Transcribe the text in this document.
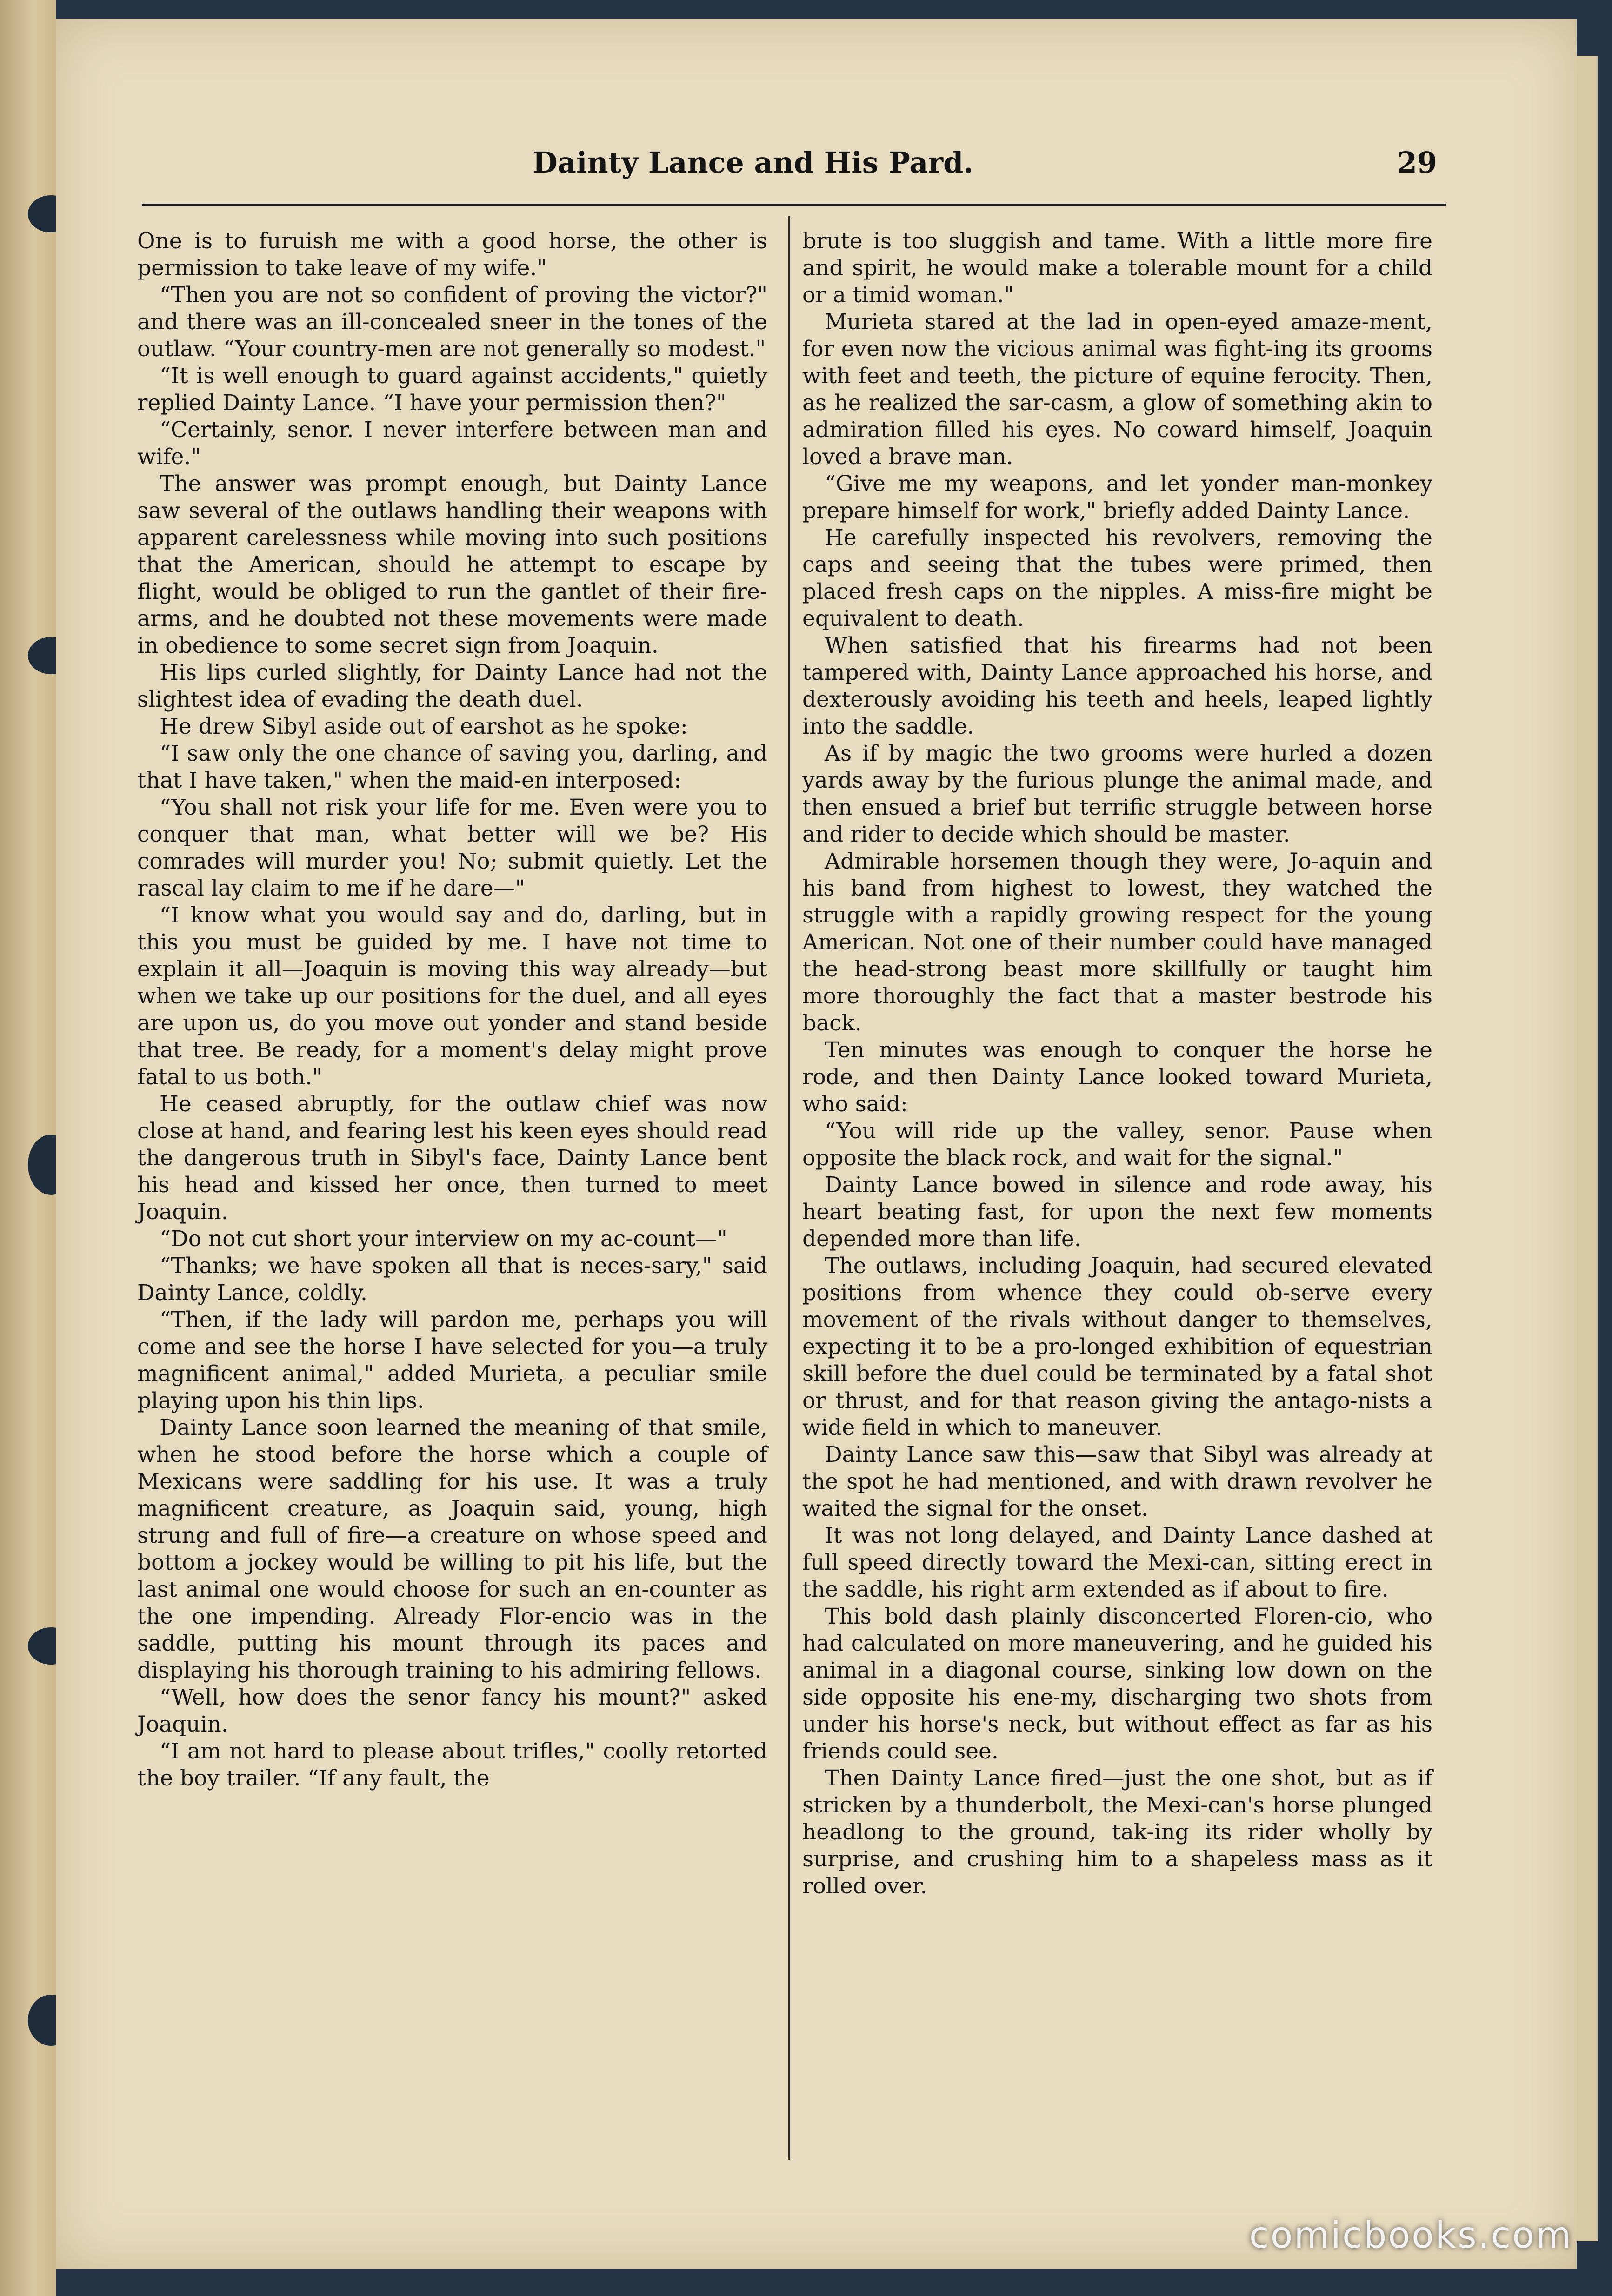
Dainty Lance and His Pard.	29

One is to furuish me with a good horse, the other is permission to take leave of my wife."

“Then you are not so confident of proving the victor?" and there was an ill-concealed sneer in the tones of the outlaw. “Your country-men are not generally so modest."

“It is well enough to guard against accidents," quietly replied Dainty Lance. “I have your permission then?"

“Certainly, senor. I never interfere between man and wife."

The answer was prompt enough, but Dainty Lance saw several of the outlaws handling their weapons with apparent carelessness while moving into such positions that the American, should he attempt to escape by flight, would be obliged to run the gantlet of their fire-arms, and he doubted not these movements were made in obedience to some secret sign from Joaquin.

His lips curled slightly, for Dainty Lance had not the slightest idea of evading the death duel.

He drew Sibyl aside out of earshot as he spoke:

“I saw only the one chance of saving you, darling, and that I have taken," when the maid-en interposed:

“You shall not risk your life for me. Even were you to conquer that man, what better will we be? His comrades will murder you! No; submit quietly. Let the rascal lay claim to me if he dare—"

“I know what you would say and do, darling, but in this you must be guided by me. I have not time to explain it all—Joaquin is moving this way already—but when we take up our positions for the duel, and all eyes are upon us, do you move out yonder and stand beside that tree. Be ready, for a moment's delay might prove fatal to us both."

He ceased abruptly, for the outlaw chief was now close at hand, and fearing lest his keen eyes should read the dangerous truth in Sibyl's face, Dainty Lance bent his head and kissed her once, then turned to meet Joaquin.

“Do not cut short your interview on my ac-count—"

“Thanks; we have spoken all that is neces-sary," said Dainty Lance, coldly.

“Then, if the lady will pardon me, perhaps you will come and see the horse I have selected for you—a truly magnificent animal," added Murieta, a peculiar smile playing upon his thin lips.

Dainty Lance soon learned the meaning of that smile, when he stood before the horse which a couple of Mexicans were saddling for his use. It was a truly magnificent creature, as Joaquin said, young, high strung and full of fire—a creature on whose speed and bottom a jockey would be willing to pit his life, but the last animal one would choose for such an en-counter as the one impending. Already Flor-encio was in the saddle, putting his mount through its paces and displaying his thorough training to his admiring fellows.

“Well, how does the senor fancy his mount?" asked Joaquin.

“I am not hard to please about trifles," coolly retorted the boy trailer. “If any fault, the

brute is too sluggish and tame. With a little more fire and spirit, he would make a tolerable mount for a child or a timid woman."

Murieta stared at the lad in open-eyed amaze-ment, for even now the vicious animal was fight-ing its grooms with feet and teeth, the picture of equine ferocity. Then, as he realized the sar-casm, a glow of something akin to admiration filled his eyes. No coward himself, Joaquin loved a brave man.

“Give me my weapons, and let yonder man-monkey prepare himself for work," briefly added Dainty Lance.

He carefully inspected his revolvers, removing the caps and seeing that the tubes were primed, then placed fresh caps on the nipples. A miss-fire might be equivalent to death.

When satisfied that his firearms had not been tampered with, Dainty Lance approached his horse, and dexterously avoiding his teeth and heels, leaped lightly into the saddle.

As if by magic the two grooms were hurled a dozen yards away by the furious plunge the animal made, and then ensued a brief but terrific struggle between horse and rider to decide which should be master.

Admirable horsemen though they were, Jo-aquin and his band from highest to lowest, they watched the struggle with a rapidly growing respect for the young American. Not one of their number could have managed the head-strong beast more skillfully or taught him more thoroughly the fact that a master bestrode his back.

Ten minutes was enough to conquer the horse he rode, and then Dainty Lance looked toward Murieta, who said:

“You will ride up the valley, senor. Pause when opposite the black rock, and wait for the signal."

Dainty Lance bowed in silence and rode away, his heart beating fast, for upon the next few moments depended more than life.

The outlaws, including Joaquin, had secured elevated positions from whence they could ob-serve every movement of the rivals without danger to themselves, expecting it to be a pro-longed exhibition of equestrian skill before the duel could be terminated by a fatal shot or thrust, and for that reason giving the antago-nists a wide field in which to maneuver.

Dainty Lance saw this—saw that Sibyl was already at the spot he had mentioned, and with drawn revolver he waited the signal for the onset.

It was not long delayed, and Dainty Lance dashed at full speed directly toward the Mexi-can, sitting erect in the saddle, his right arm extended as if about to fire.

This bold dash plainly disconcerted Floren-cio, who had calculated on more maneuvering, and he guided his animal in a diagonal course, sinking low down on the side opposite his ene-my, discharging two shots from under his horse's neck, but without effect as far as his friends could see.

Then Dainty Lance fired—just the one shot, but as if stricken by a thunderbolt, the Mexi-can's horse plunged headlong to the ground, tak-ing its rider wholly by surprise, and crushing him to a shapeless mass as it rolled over.

comicbooks.com
